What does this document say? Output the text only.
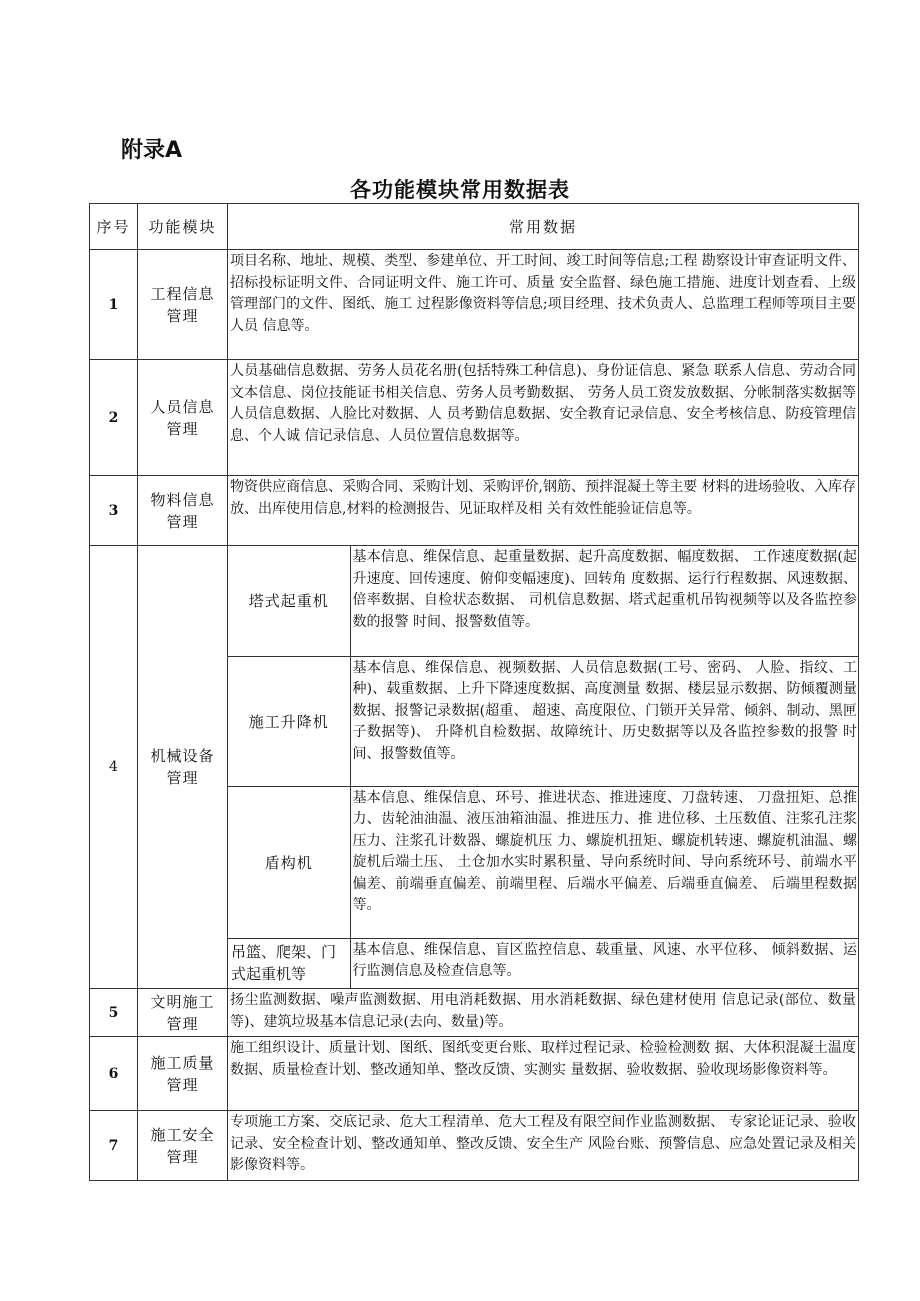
附录A
各功能模块常用数据表
序号	功能模块	常用数据
1	工程信息管理	项目名称、地址、规模、类型、参建单位、开工时间、竣工时间等信息;工程 勘察设计审查证明文件、招标投标证明文件、合同证明文件、施工许可、质量 安全监督、绿色施工措施、进度计划查看、上级管理部门的文件、图纸、施工 过程影像资料等信息;项目经理、技术负责人、总监理工程师等项目主要人员 信息等。
2	人员信息管理	人员基础信息数据、劳务人员花名册(包括特殊工种信息)、身份证信息、紧急 联系人信息、劳动合同文本信息、岗位技能证书相关信息、劳务人员考勤数据、 劳务人员工资发放数据、分帐制落实数据等人员信息数据、人脸比对数据、人 员考勤信息数据、安全教育记录信息、安全考核信息、防疫管理信息、个人诚 信记录信息、人员位置信息数据等。
3	物料信息管理	物资供应商信息、采购合同、采购计划、采购评价,钢筋、预拌混凝土等主要 材料的进场验收、入库存放、出库使用信息,材料的检测报告、见证取样及相 关有效性能验证信息等。
4	机械设备管理	
塔式起重机	基本信息、维保信息、起重量数据、起升高度数据、幅度数据、 工作速度数据(起升速度、回传速度、俯仰变幅速度)、回转角 度数据、运行行程数据、风速数据、倍率数据、自检状态数据、 司机信息数据、塔式起重机吊钩视频等以及各监控参数的报警 时间、报警数值等。
施工升降机	基本信息、维保信息、视频数据、人员信息数据(工号、密码、 人脸、指纹、工种)、载重数据、上升下降速度数据、高度测量 数据、楼层显示数据、防倾覆测量数据、报警记录数据(超重、 超速、高度限位、门锁开关异常、倾斜、制动、黑匣子数据等)、 升降机自检数据、故障统计、历史数据等以及各监控参数的报警 时间、报警数值等。
盾构机	基本信息、维保信息、环号、推进状态、推进速度、刀盘转速、 刀盘扭矩、总推力、齿轮油油温、液压油箱油温、推进压力、推 进位移、土压数值、注浆孔注浆压力、注浆孔计数器、螺旋机压 力、螺旋机扭矩、螺旋机转速、螺旋机油温、螺旋机后端土压、 土仓加水实时累积量、导向系统时间、导向系统环号、前端水平 偏差、前端垂直偏差、前端里程、后端水平偏差、后端垂直偏差、 后端里程数据等。
吊篮、爬架、门式起重机等	基本信息、维保信息、盲区监控信息、载重量、风速、水平位移、 倾斜数据、运行监测信息及检查信息等。

5	文明施工管理	扬尘监测数据、噪声监测数据、用电消耗数据、用水消耗数据、绿色建材使用 信息记录(部位、数量等)、建筑垃圾基本信息记录(去向、数量)等。
6	施工质量管理	施工组织设计、质量计划、图纸、图纸变更台账、取样过程记录、检验检测数 据、大体积混凝土温度数据、质量检查计划、整改通知单、整改反馈、实测实 量数据、验收数据、验收现场影像资料等。
7	施工安全管理	专项施工方案、交底记录、危大工程清单、危大工程及有限空间作业监测数据、 专家论证记录、验收记录、安全检查计划、整改通知单、整改反馈、安全生产 风险台账、预警信息、应急处置记录及相关影像资料等。
